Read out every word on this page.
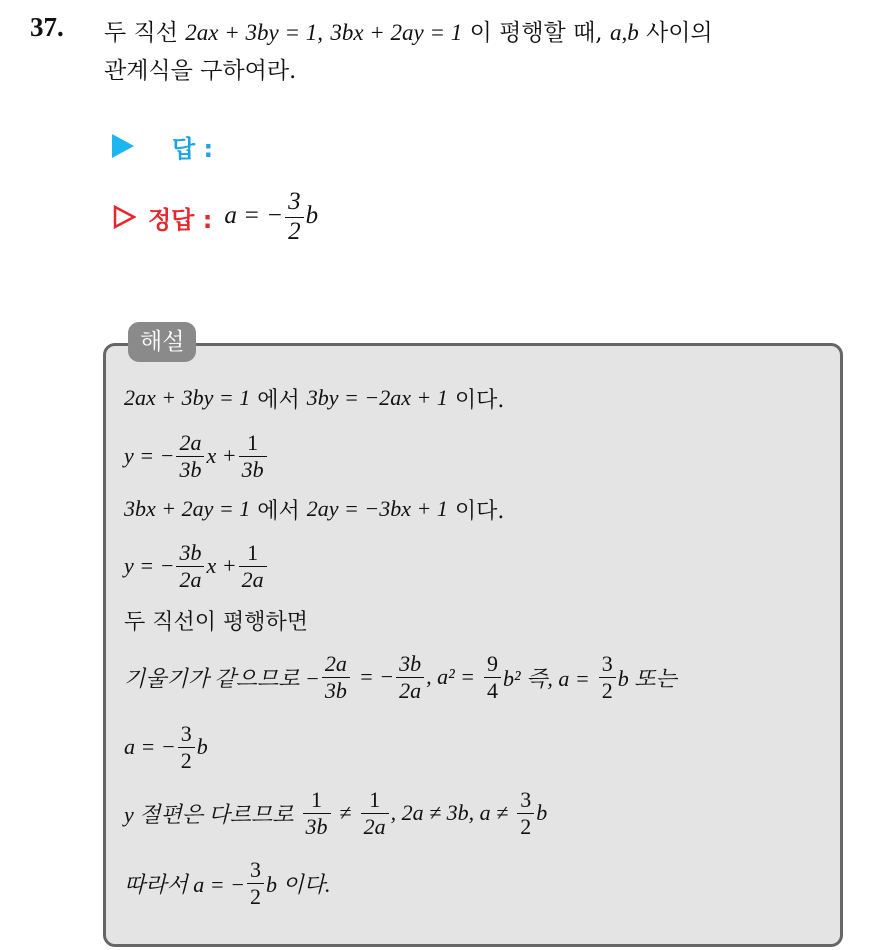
37. 두 직선 2ax + 3by = 1, 3bx + 2ay = 1 이 평행할 때, a,b 사이의
관계식을 구하여라.
답 :
정답 : a = − $\frac{3}{2}$ b
해설
2ax + 3by = 1
에서
3by = −2ax + 1
이다.
y = − $\frac{2a}{3b}$ $x + \frac{1}{3b}$
3bx + 2ay = 1
에서
2ay = −3bx + 1
이다.
y = − $\frac{3b}{2a}$ $x + \frac{1}{2a}$
두 직선이 평행하면
기울기가 같으므로 − $\frac{2a}{3b}$
= − $\frac{3b}{2a}$ , a² =
$\frac{9}{4} b^2$ 즉, a =
$\frac{3}{2}$ b 또는
a = − $\frac{3}{2}$ b
y 절편은 다르므로
$\frac{1}{3b}$
≠
$\frac{1}{2a}$ , 2a ≠ 3b, a ≠
$\frac{3}{2}$ b
따라서 a = − $\frac{3}{2}$ b 이다.
